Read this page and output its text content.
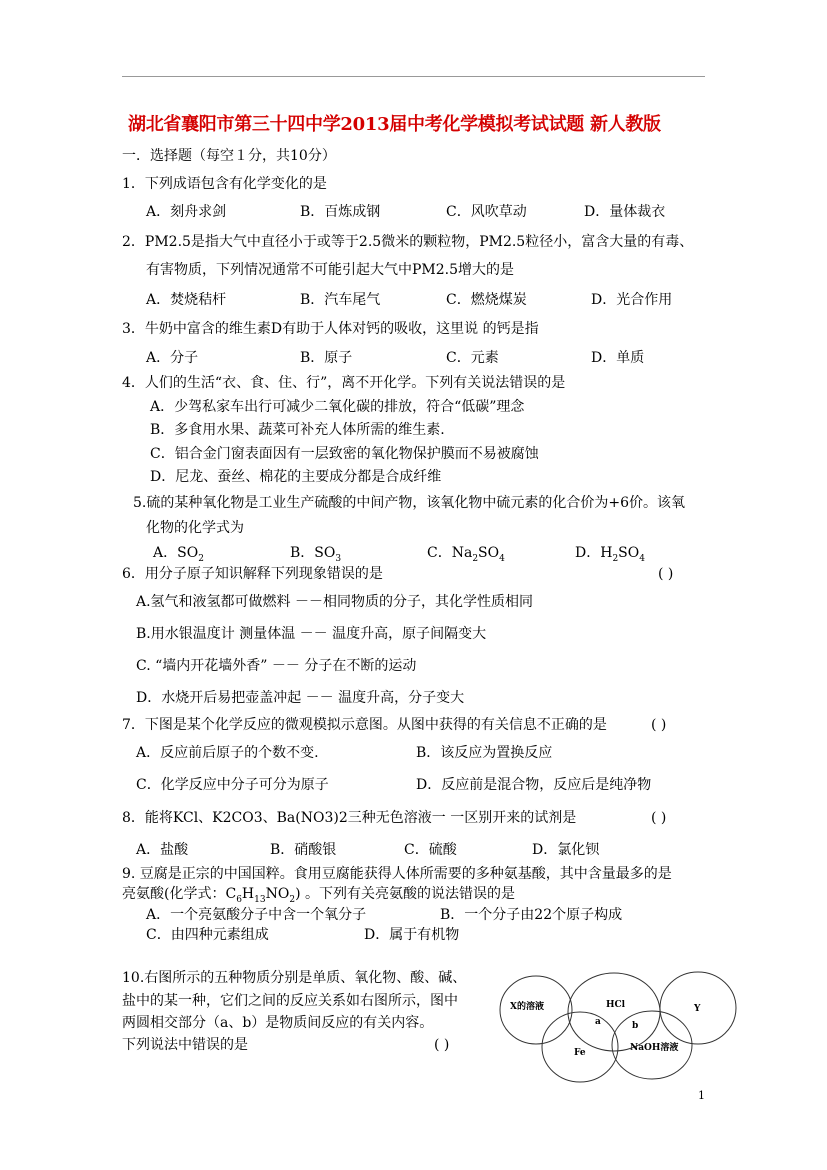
湖北省襄阳市第三十四中学2013届中考化学模拟考试试题 新人教版
一．选择题（每空１分，共10分）
1．下列成语包含有化学变化的是
A．刻舟求剑	B．百炼成钢	C．风吹草动	D．量体裁衣
2．PM2.5是指大气中直径小于或等于2.5微米的颗粒物，PM2.5粒径小，富含大量的有毒、
有害物质，下列情况通常不可能引起大气中PM2.5增大的是
A．焚烧秸杆	B．汽车尾气	C．燃烧煤炭	D．光合作用
3．牛奶中富含的维生素D有助于人体对钙的吸收，这里说 的钙是指
A．分子	B．原子	C．元素	D．单质
4．人们的生活“衣、食、住、行”，离不开化学。下列有关说法错误的是
A．少驾私家车出行可减少二氧化碳的排放，符合“低碳”理念
B．多食用水果、蔬菜可补充人体所需的维生素.
C．铝合金门窗表面因有一层致密的氧化物保护膜而不易被腐蚀
D．尼龙、蚕丝、棉花的主要成分都是合成纤维
5.硫的某种氧化物是工业生产硫酸的中间产物，该氧化物中硫元素的化合价为+6价。该氧
化物的化学式为
A．$SO_2$	B．$SO_3$	C．$Na_2SO_4$	D．$H_2SO_4$
6．用分子原子知识解释下列现象错误的是	( )
A.氢气和液氢都可做燃料 －－相同物质的分子，其化学性质相同
B.用水银温度计 测量体温 －－ 温度升高，原子间隔变大
C. “墙内开花墙外香” －－ 分子在不断的运动
D．水烧开后易把壶盖冲起 －－ 温度升高，分子变大
7．下图是某个化学反应的微观模拟示意图。从图中获得的有关信息不正确的是	( )
A．反应前后原子的个数不变.	B．该反应为置换反应
C．化学反应中分子可分为原子	D．反应前是混合物，反应后是纯净物
8．能将KCl、K2CO3、Ba(NO3)2三种无色溶液一 一区别开来的试剂是	( )
A．盐酸	B．硝酸银	C．硫酸	D．氯化钡
9. 豆腐是正宗的中国国粹。食用豆腐能获得人体所需要的多种氨基酸，其中含量最多的是
亮氨酸(化学式：$C_6H_{13}NO_2$) 。下列有关亮氨酸的说法错误的是
A．一个亮氨酸分子中含一个氧分子	B．一个分子由22个原子构成
C．由四种元素组成	D．属于有机物
10.右图所示的五种物质分别是单质、氧化物、酸、碱、
盐中的某一种，它们之间的反应关系如右图所示，图中
两圆相交部分（a、b）是物质间反应的有关内容。
下列说法中错误的是	( )
X的溶液	HCl	Y
Fe	NaOH溶液
a	b
1
